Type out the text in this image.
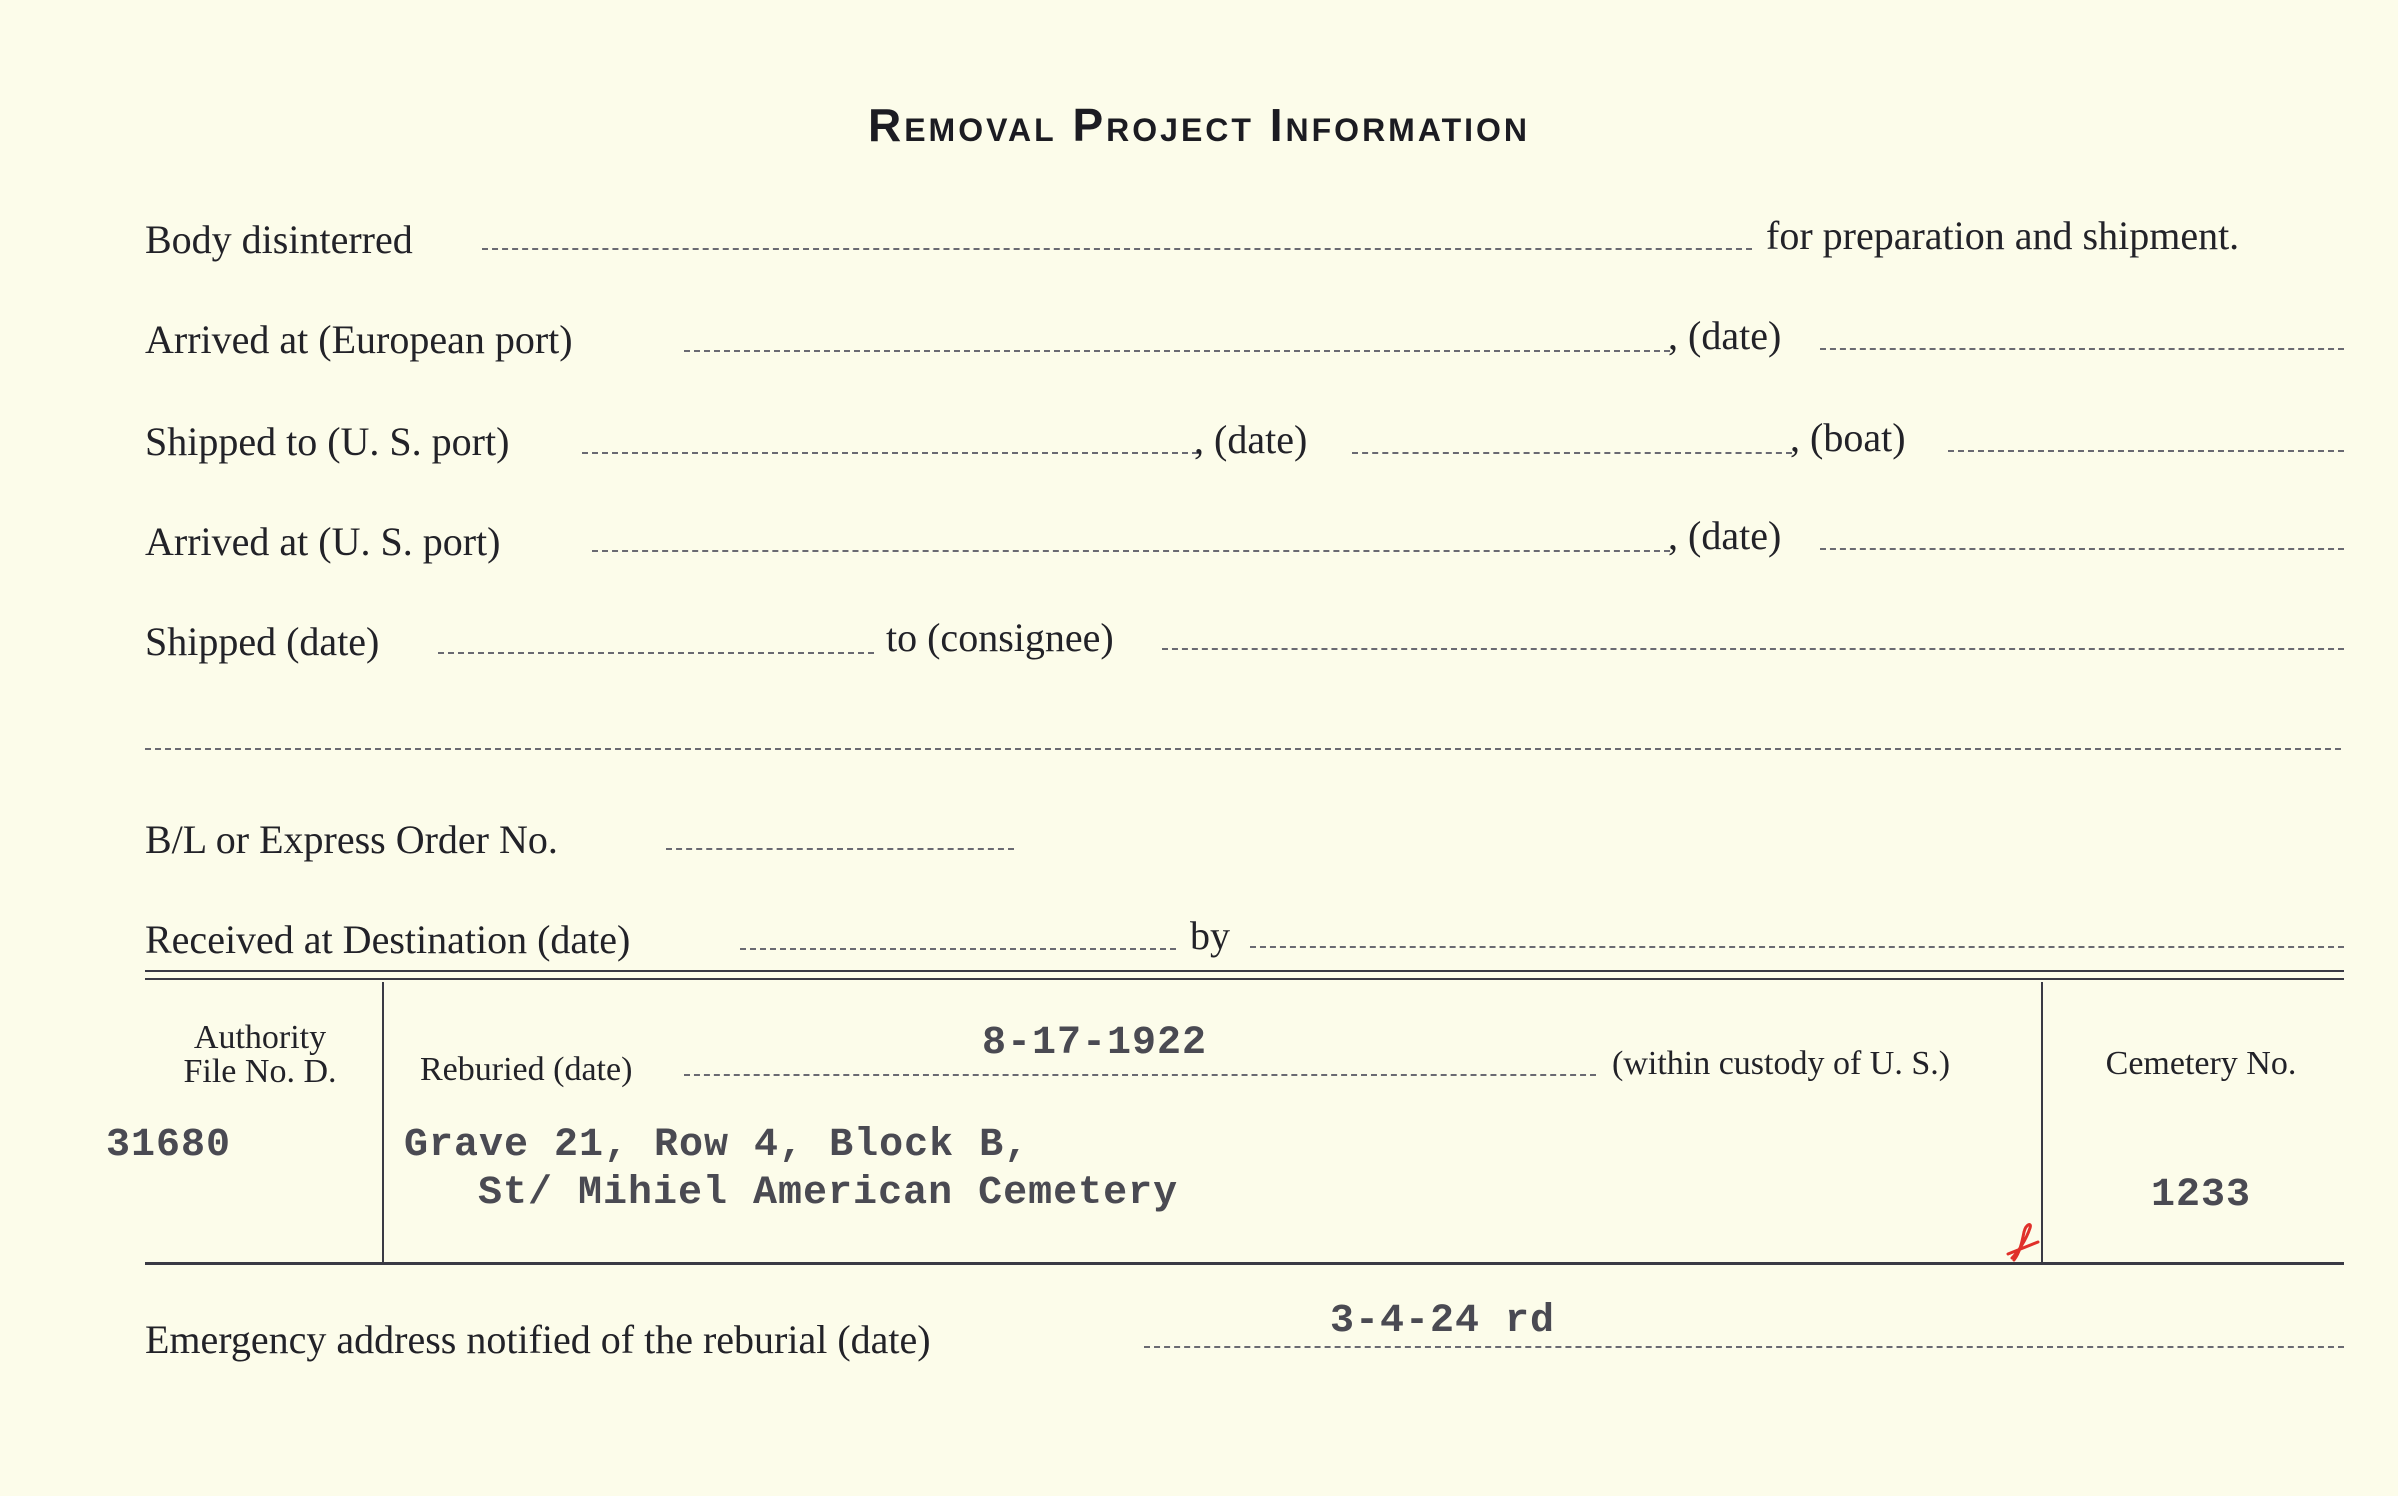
Removal Project Information
Body disinterred	for preparation and shipment.
Arrived at (European port)	, (date)
Shipped to (U. S. port)	, (date)	, (boat)
Arrived at (U. S. port)	, (date)
Shipped (date)	to (consignee)
B/L or Express Order No.
Received at Destination (date)	by
Authority
File No. D.
31680
Reburied (date)
8-17-1922	(within custody of U. S.)
Grave 21, Row 4, Block B,
St/ Mihiel American Cemetery
Cemetery No.
1233
Emergency address notified of the reburial (date)	3-4-24 rd
